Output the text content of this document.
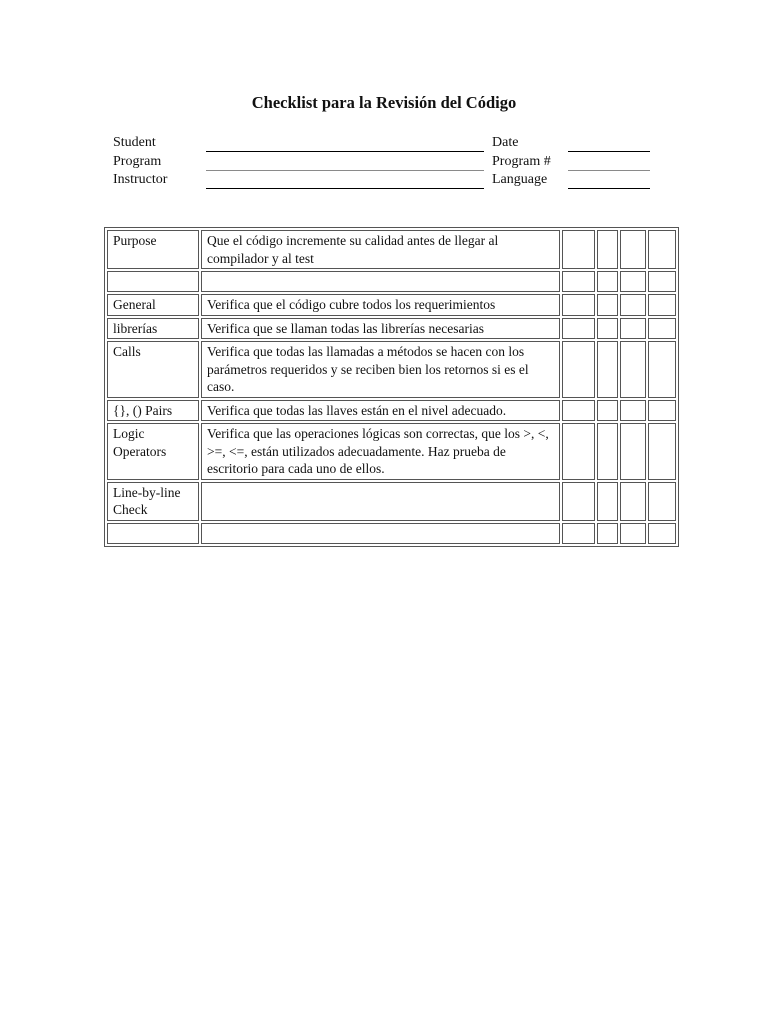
Checklist para la Revisión del Código
Student
Program
Instructor
Date
Program #
Language
Purpose	Que el código incremente su calidad antes de llegar al compilador y al test				

General	Verifica que el código cubre todos los requerimientos				
librerías	Verifica que se llaman todas las librerías necesarias				
Calls	Verifica que todas las llamadas a métodos se hacen con los parámetros requeridos y se reciben bien los retornos si es el caso.				
{}, () Pairs	Verifica que todas las llaves están en el nivel adecuado.				
Logic Operators	Verifica que las operaciones lógicas son correctas, que los >, <, >=, <=, están utilizados adecuadamente. Haz prueba de escritorio para cada uno de ellos.				
Line-by-line Check					
